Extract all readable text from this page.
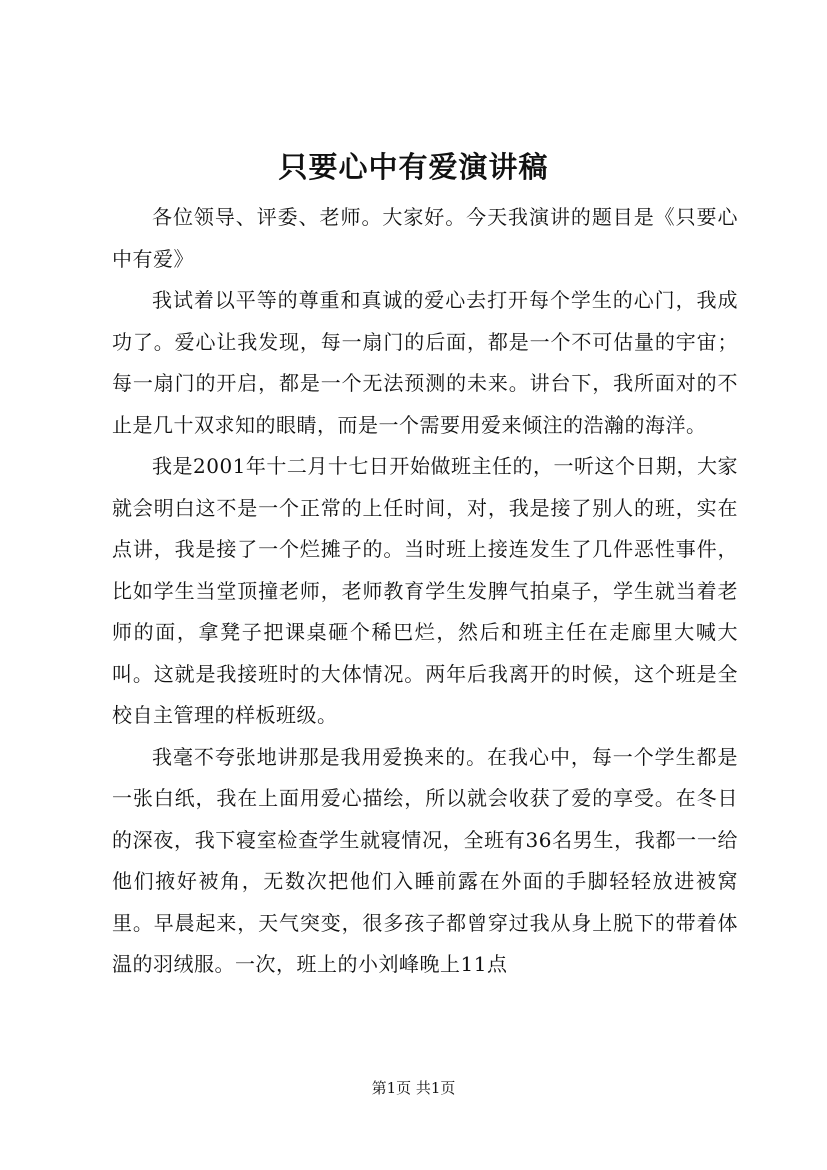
只要心中有爱演讲稿

各位领导、评委、老师。大家好。今天我演讲的题目是《只要心中有爱》

我试着以平等的尊重和真诚的爱心去打开每个学生的心门，我成功了。爱心让我发现，每一扇门的后面，都是一个不可估量的宇宙；每一扇门的开启，都是一个无法预测的未来。讲台下，我所面对的不止是几十双求知的眼睛，而是一个需要用爱来倾注的浩瀚的海洋。

我是2001年十二月十七日开始做班主任的，一听这个日期，大家就会明白这不是一个正常的上任时间，对，我是接了别人的班，实在点讲，我是接了一个烂摊子的。当时班上接连发生了几件恶性事件，比如学生当堂顶撞老师，老师教育学生发脾气拍桌子，学生就当着老师的面，拿凳子把课桌砸个稀巴烂，然后和班主任在走廊里大喊大叫。这就是我接班时的大体情况。两年后我离开的时候，这个班是全校自主管理的样板班级。

我毫不夸张地讲那是我用爱换来的。在我心中，每一个学生都是一张白纸，我在上面用爱心描绘，所以就会收获了爱的享受。在冬日的深夜，我下寝室检查学生就寝情况，全班有36名男生，我都一一给他们掖好被角，无数次把他们入睡前露在外面的手脚轻轻放进被窝里。早晨起来，天气突变，很多孩子都曾穿过我从身上脱下的带着体温的羽绒服。一次，班上的小刘峰晚上11点

第1页 共1页
